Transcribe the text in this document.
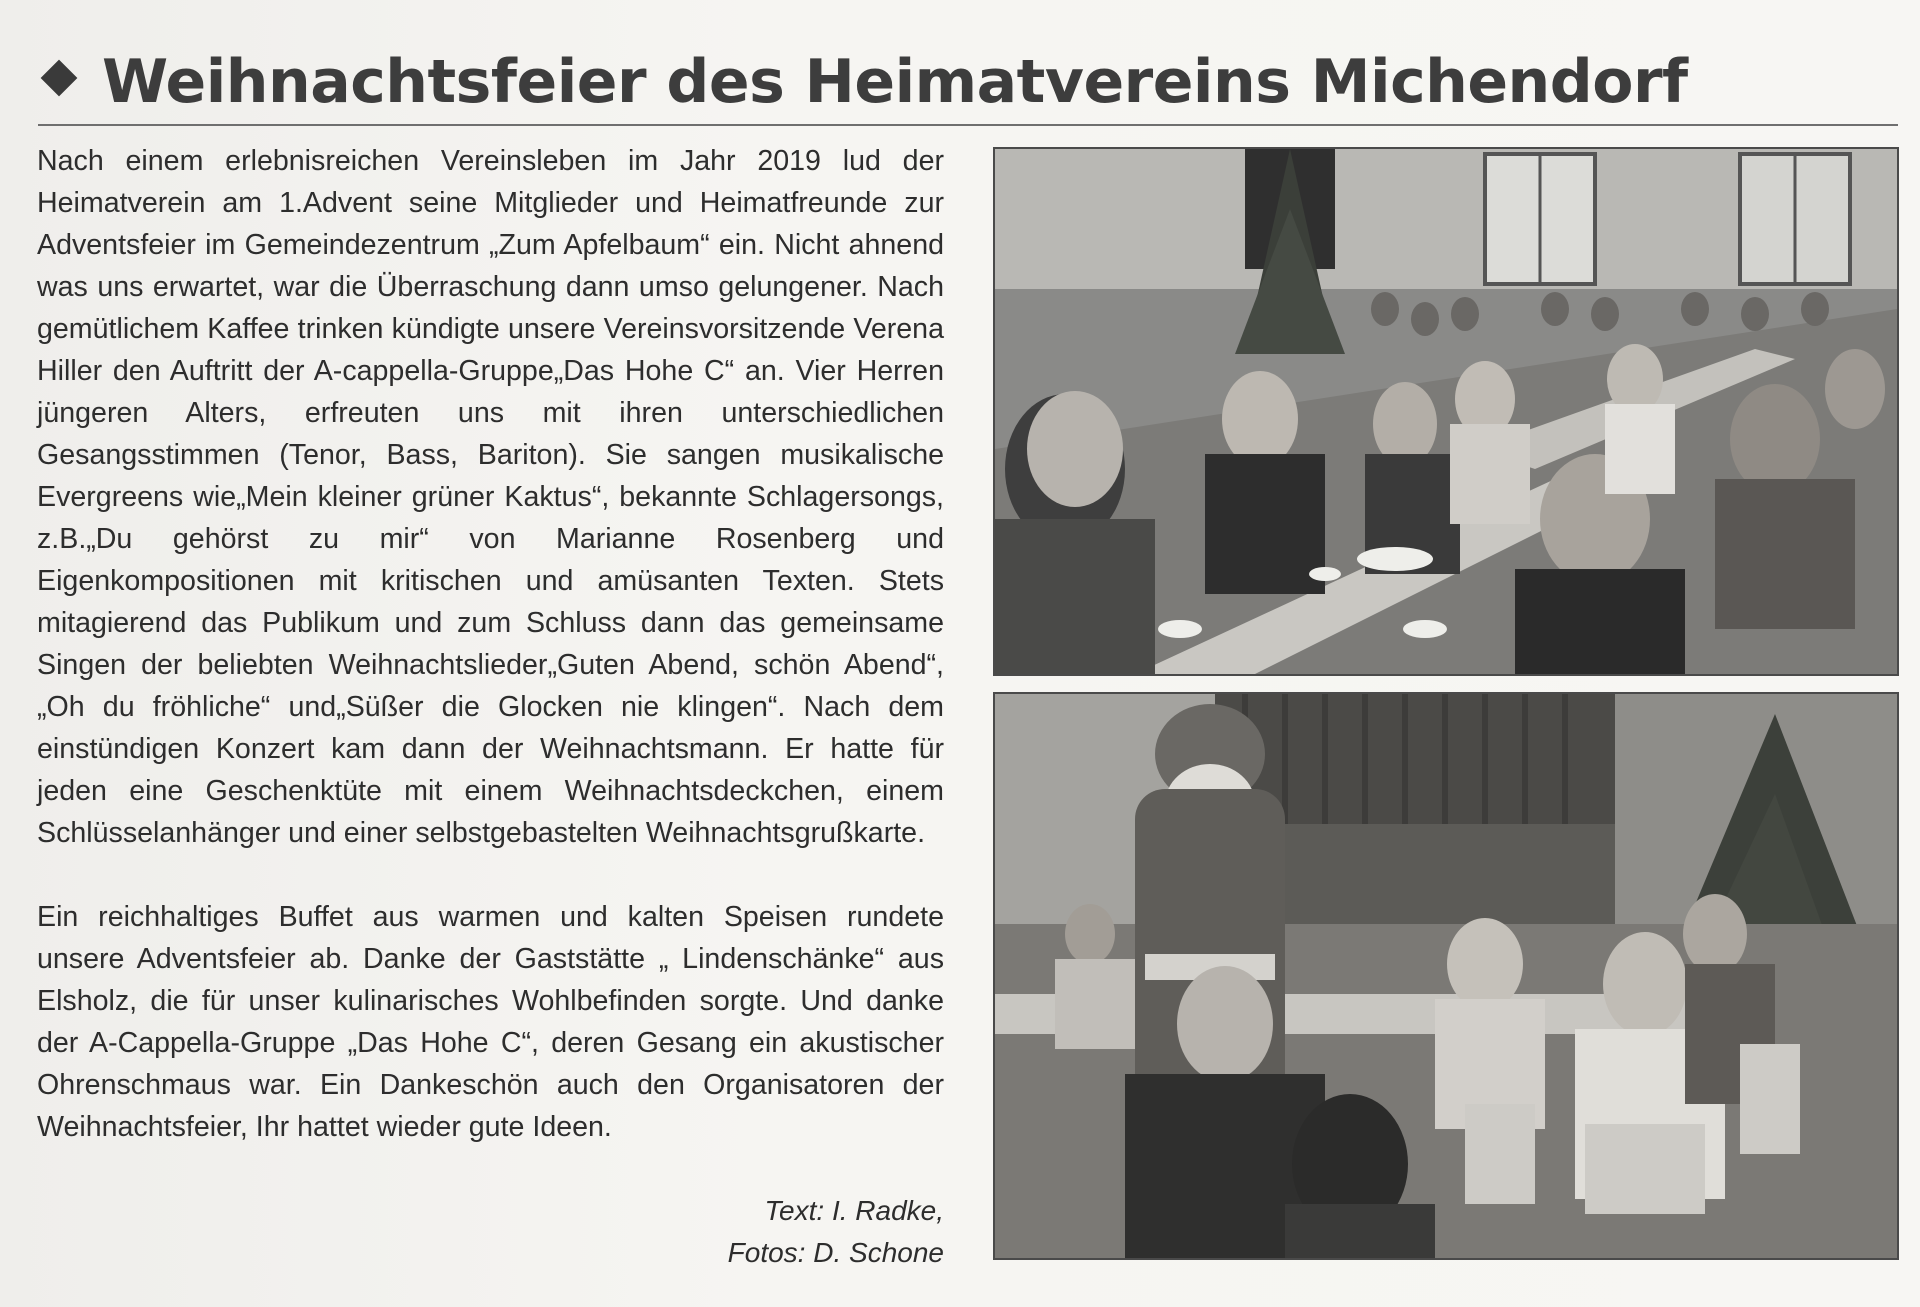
Weihnachtsfeier des Heimatvereins Michendorf

Nach einem erlebnisreichen Vereinsleben im Jahr 2019 lud der Heimatverein am 1.Advent seine Mitglieder und Heimatfreunde zur Adventsfeier im Gemeindezentrum „Zum Apfelbaum“ ein. Nicht ahnend was uns erwartet, war die Überraschung dann umso gelungener. Nach gemütlichem Kaffee trinken kündigte unsere Vereinsvorsitzende Verena Hiller den Auftritt der A-cappella-Gruppe„Das Hohe C“ an. Vier Herren jüngeren Alters, erfreuten uns mit ihren unterschiedlichen Gesangsstimmen (Tenor, Bass, Bariton). Sie sangen musikalische Evergreens wie„Mein kleiner grüner Kaktus“, bekannte Schlagersongs, z.B.„Du gehörst zu mir“ von Marianne Rosenberg und Eigenkompositionen mit kritischen und amüsanten Texten. Stets mitagierend das Publikum und zum Schluss dann das gemeinsame Singen der beliebten Weihnachtslieder„Guten Abend, schön Abend“,„Oh du fröhliche“ und„Süßer die Glocken nie klingen“. Nach dem einstündigen Konzert kam dann der Weihnachtsmann. Er hatte für jeden eine Geschenktüte mit einem Weihnachtsdeckchen, einem Schlüsselanhänger und einer selbstgebastelten Weihnachtsgrußkarte.

Ein reichhaltiges Buffet aus warmen und kalten Speisen rundete unsere Adventsfeier ab. Danke der Gaststätte „ Lindenschänke“ aus Elsholz, die für unser kulinarisches Wohlbefinden sorgte. Und danke der A-Cappella-Gruppe „Das Hohe C“, deren Gesang ein akustischer Ohrenschmaus war. Ein Dankeschön auch den Organisatoren der Weihnachtsfeier, Ihr hattet wieder gute Ideen.

Text: I. Radke,
Fotos: D. Schone
